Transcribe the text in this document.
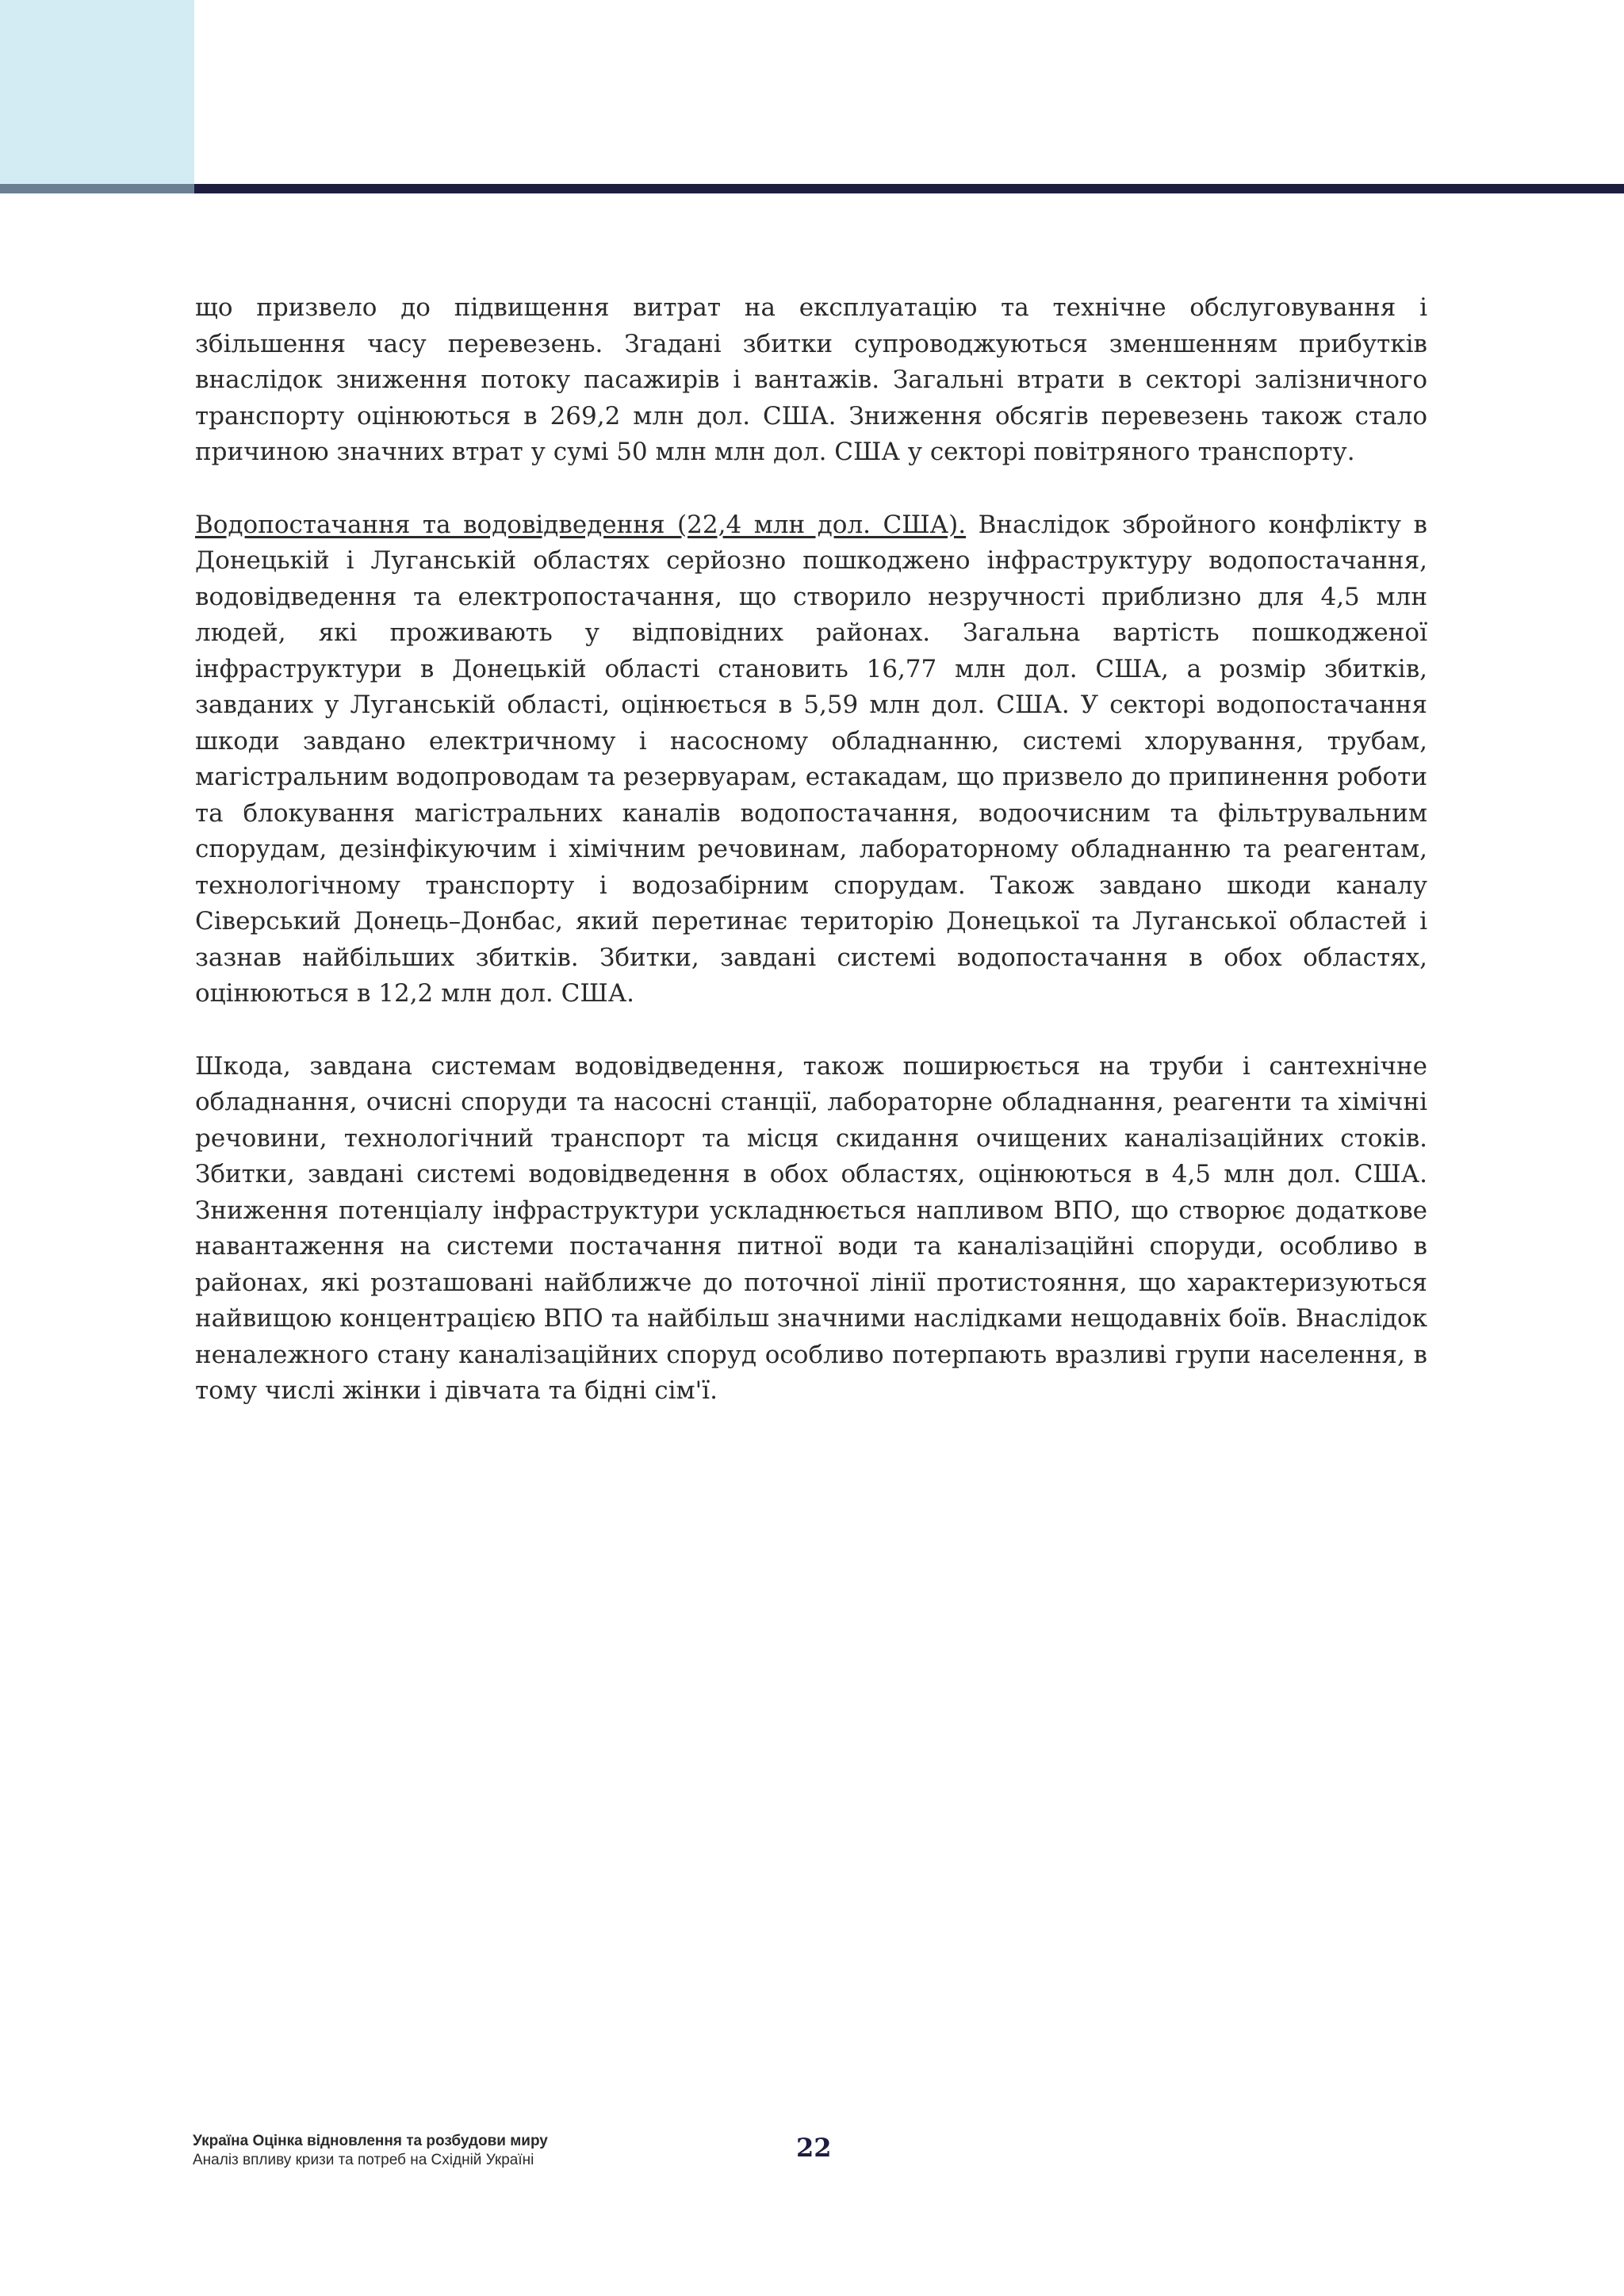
що призвело до підвищення витрат на експлуатацію та технічне обслуговування і збільшення часу перевезень. Згадані збитки супроводжуються зменшенням прибутків внаслідок зниження потоку пасажирів і вантажів. Загальні втрати в секторі залізничного транспорту оцінюються в 269,2 млн дол. США. Зниження обсягів перевезень також стало причиною значних втрат у сумі 50 млн млн дол. США у секторі повітряного транспорту.

Водопостачання та водовідведення (22,4 млн дол. США). Внаслідок збройного конфлікту в Донецькій і Луганській областях серйозно пошкоджено інфраструктуру водопостачання, водовідведення та електропостачання, що створило незручності приблизно для 4,5 млн людей, які проживають у відповідних районах. Загальна вартість пошкодженої інфраструктури в Донецькій області становить 16,77 млн дол. США, а розмір збитків, завданих у Луганській області, оцінюється в 5,59 млн дол. США. У секторі водопостачання шкоди завдано електричному і насосному обладнанню, системі хлорування, трубам, магістральним водопроводам та резервуарам, естакадам, що призвело до припинення роботи та блокування магістральних каналів водопостачання, водоочисним та фільтрувальним спорудам, дезінфікуючим і хімічним речовинам, лабораторному обладнанню та реагентам, технологічному транспорту і водозабірним спорудам. Також завдано шкоди каналу Сіверський Донець–Донбас, який перетинає територію Донецької та Луганської областей і зазнав найбільших збитків. Збитки, завдані системі водопостачання в обох областях, оцінюються в 12,2 млн дол. США.

Шкода, завдана системам водовідведення, також поширюється на труби і сантехнічне обладнання, очисні споруди та насосні станції, лабораторне обладнання, реагенти та хімічні речовини, технологічний транспорт та місця скидання очищених каналізаційних стоків. Збитки, завдані системі водовідведення в обох областях, оцінюються в 4,5 млн дол. США. Зниження потенціалу інфраструктури ускладнюється напливом ВПО, що створює додаткове навантаження на системи постачання питної води та каналізаційні споруди, особливо в районах, які розташовані найближче до поточної лінії протистояння, що характеризуються найвищою концентрацією ВПО та найбільш значними наслідками нещодавніх боїв. Внаслідок неналежного стану каналізаційних споруд особливо потерпають вразливі групи населення, в тому числі жінки і дівчата та бідні сім'ї.

Україна Оцінка відновлення та розбудови миру
Аналіз впливу кризи та потреб на Східній Україні	22
